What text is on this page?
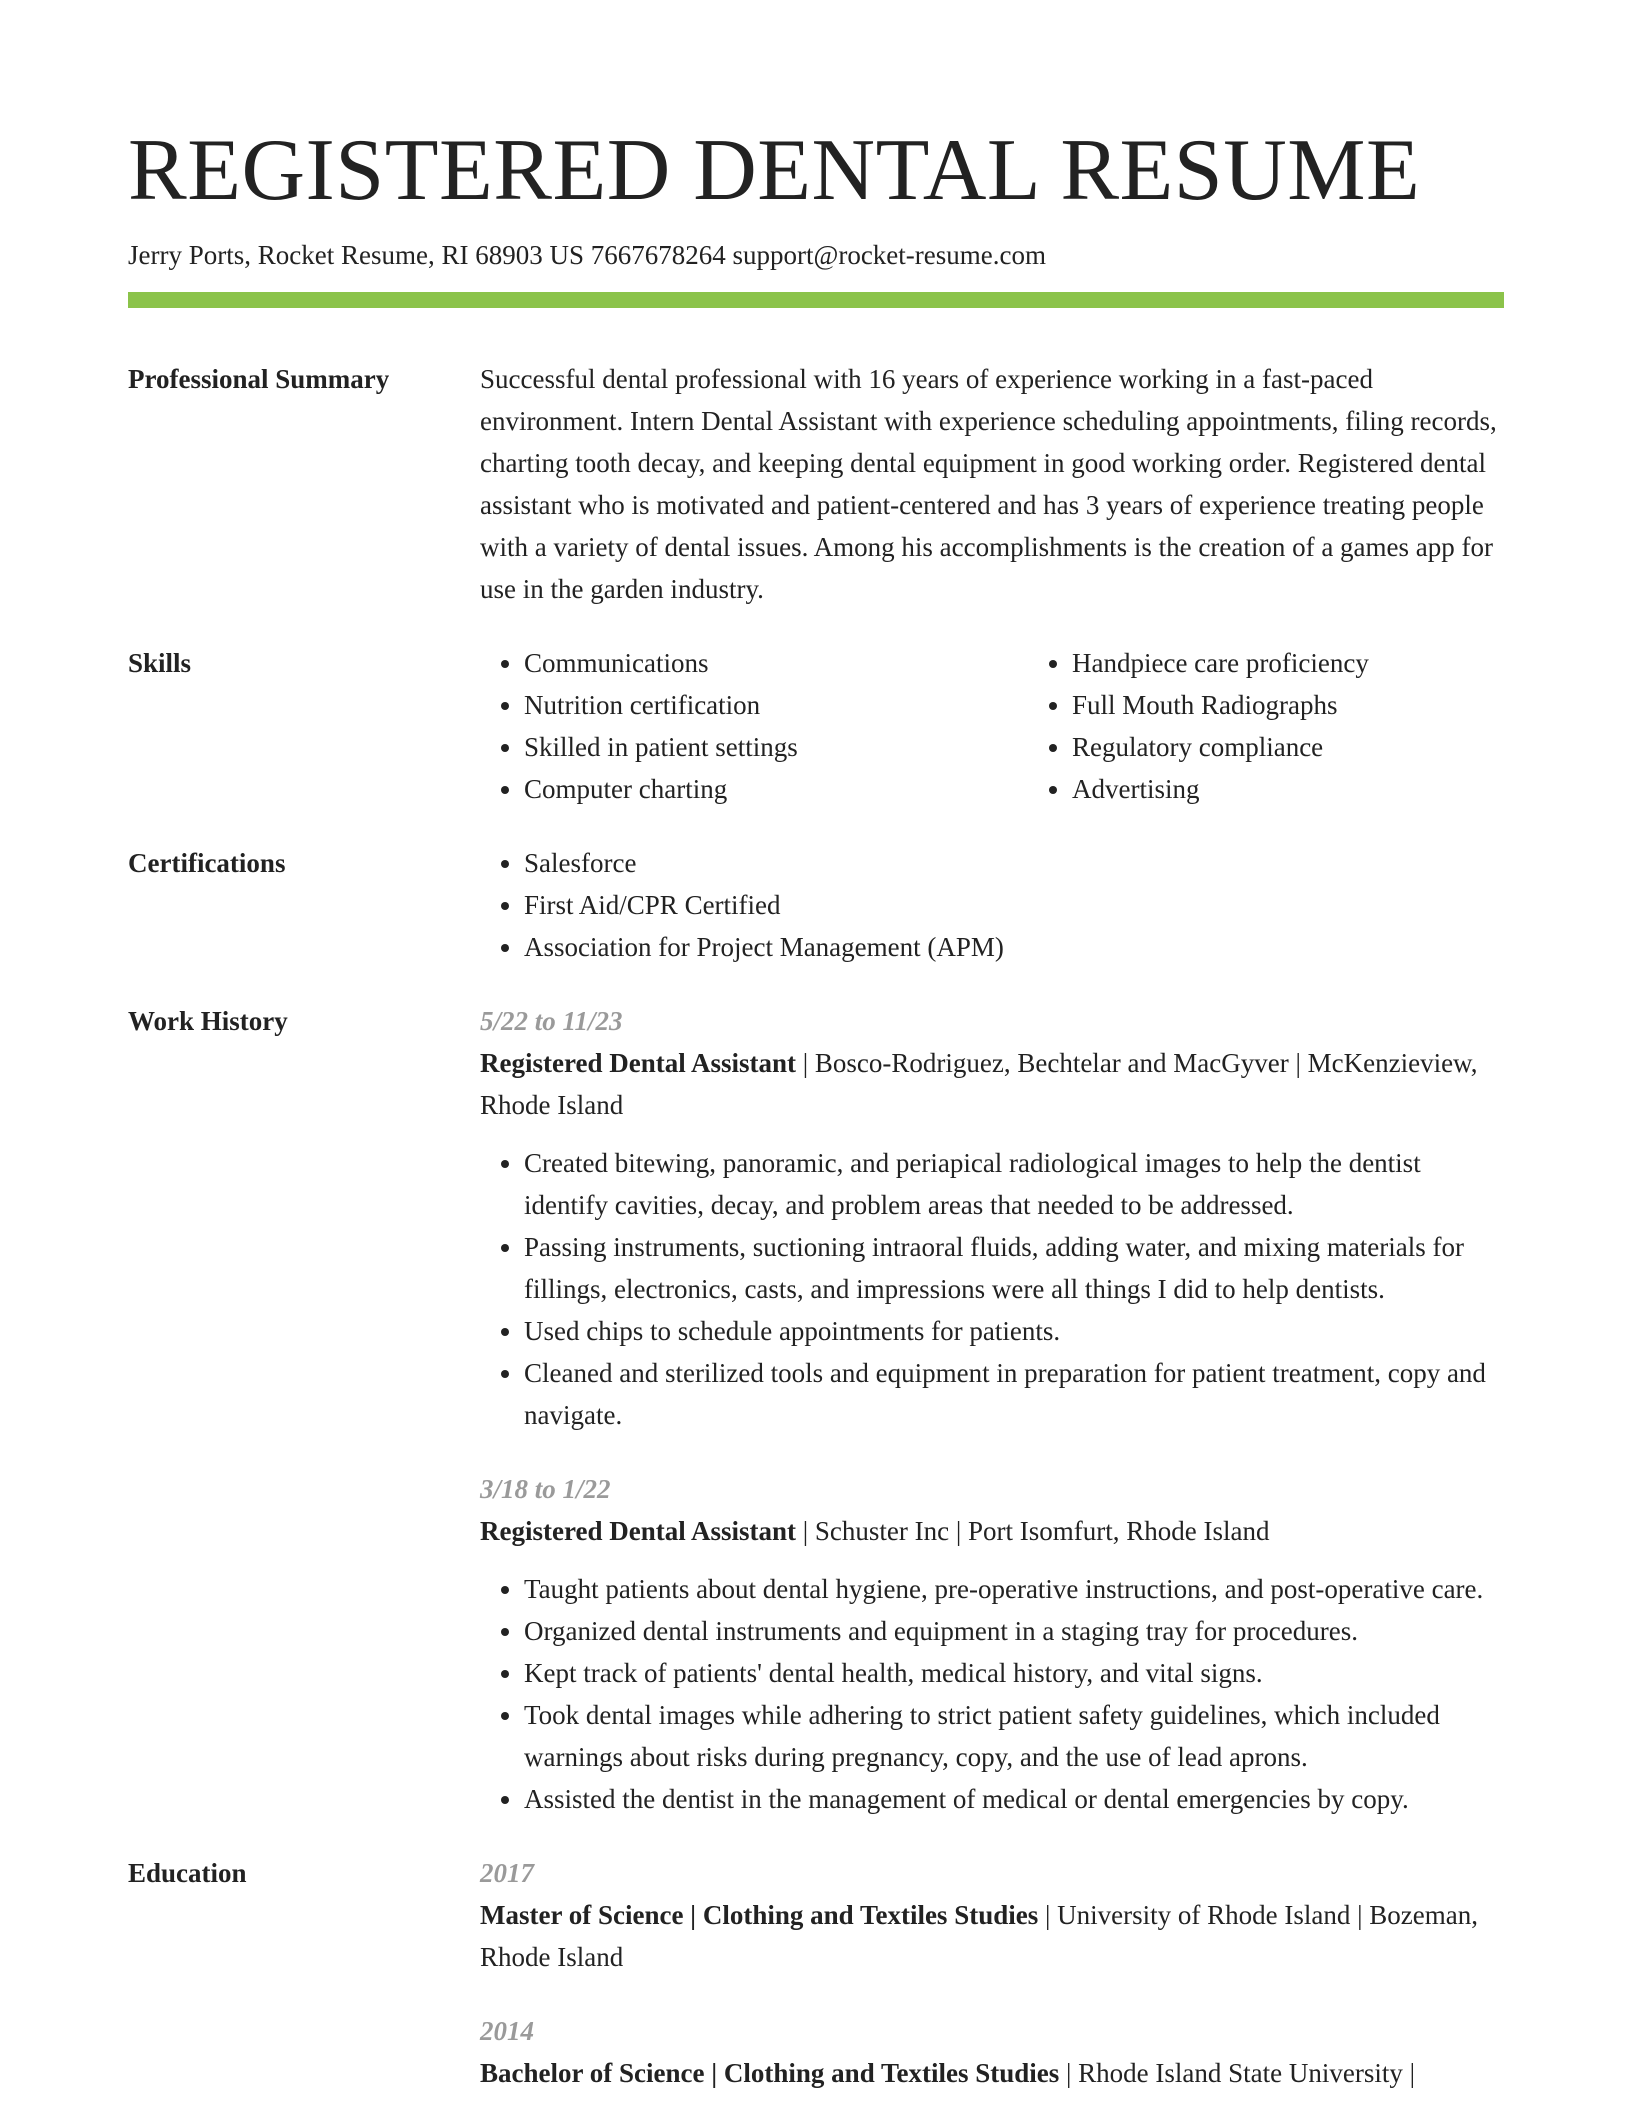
REGISTERED DENTAL RESUME
Jerry Ports, Rocket Resume, RI 68903 US 7667678264 support@rocket-resume.com
Professional Summary	Successful dental professional with 16 years of experience working in a fast-paced environment. Intern Dental Assistant with experience scheduling appointments, filing records, charting tooth decay, and keeping dental equipment in good working order. Registered dental assistant who is motivated and patient-centered and has 3 years of experience treating people with a variety of dental issues. Among his accomplishments is the creation of a games app for use in the garden industry.
Skills	• Communications
• Nutrition certification
• Skilled in patient settings
• Computer charting
• Handpiece care proficiency
• Full Mouth Radiographs
• Regulatory compliance
• Advertising
Certifications	• Salesforce
• First Aid/CPR Certified
• Association for Project Management (APM)
Work History	5/22 to 11/23
Registered Dental Assistant | Bosco-Rodriguez, Bechtelar and MacGyver | McKenzieview, Rhode Island
• Created bitewing, panoramic, and periapical radiological images to help the dentist identify cavities, decay, and problem areas that needed to be addressed.
• Passing instruments, suctioning intraoral fluids, adding water, and mixing materials for fillings, electronics, casts, and impressions were all things I did to help dentists.
• Used chips to schedule appointments for patients.
• Cleaned and sterilized tools and equipment in preparation for patient treatment, copy and navigate.
3/18 to 1/22
Registered Dental Assistant | Schuster Inc | Port Isomfurt, Rhode Island
• Taught patients about dental hygiene, pre-operative instructions, and post-operative care.
• Organized dental instruments and equipment in a staging tray for procedures.
• Kept track of patients' dental health, medical history, and vital signs.
• Took dental images while adhering to strict patient safety guidelines, which included warnings about risks during pregnancy, copy, and the use of lead aprons.
• Assisted the dentist in the management of medical or dental emergencies by copy.
Education	2017
Master of Science | Clothing and Textiles Studies | University of Rhode Island | Bozeman, Rhode Island
2014
Bachelor of Science | Clothing and Textiles Studies | Rhode Island State University |
